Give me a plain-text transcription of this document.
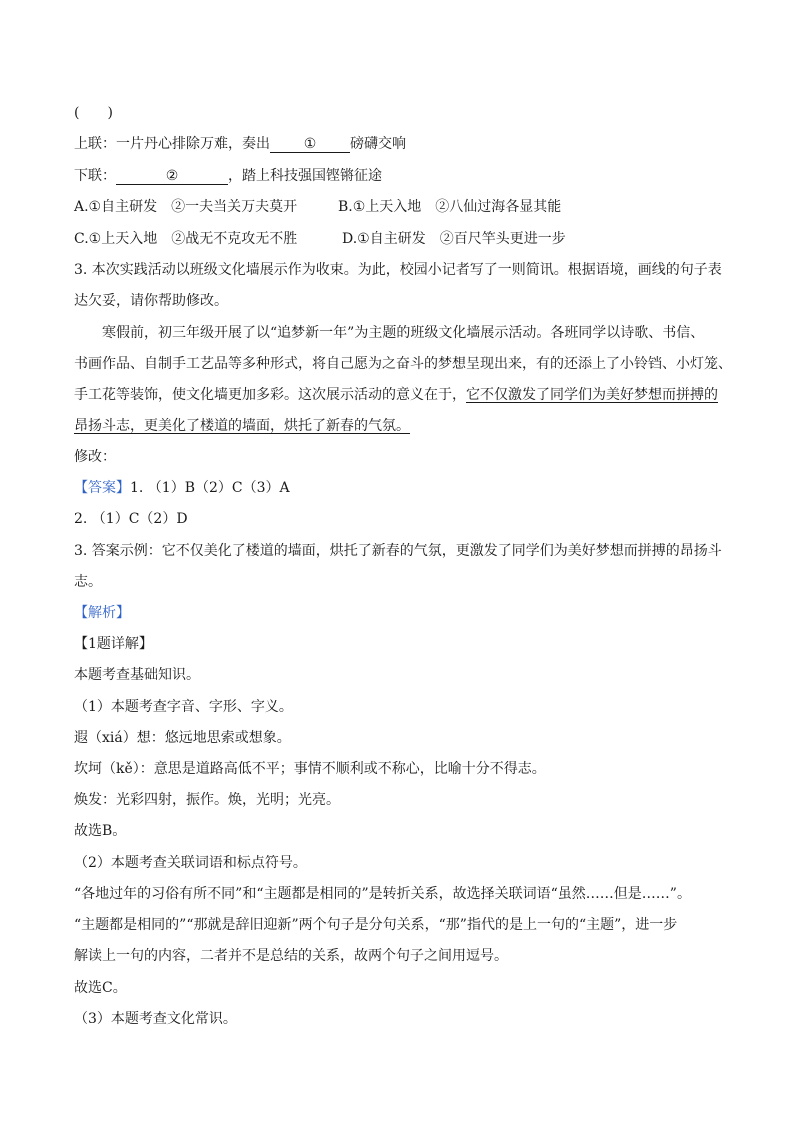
(　　)
上联：一片丹心排除万难，奏出 ① 磅礴交响
下联：	②	，踏上科技强国铿锵征途
A.①自主研发　②一夫当关万夫莫开	B.①上天入地　②八仙过海各显其能
C.①上天入地　②战无不克攻无不胜	D.①自主研发　②百尺竿头更进一步
3. 本次实践活动以班级文化墙展示作为收束。为此，校园小记者写了一则简讯。根据语境，画线的句子表
达欠妥，请你帮助修改。
寒假前，初三年级开展了以“追梦新一年”为主题的班级文化墙展示活动。各班同学以诗歌、书信、
书画作品、自制手工艺品等多种形式，将自己愿为之奋斗的梦想呈现出来，有的还添上了小铃铛、小灯笼、
手工花等装饰，使文化墙更加多彩。这次展示活动的意义在于，它不仅激发了同学们为美好梦想而拼搏的
昂扬斗志，更美化了楼道的墙面，烘托了新春的气氛。
修改：
【答案】1. （1）B（2）C（3）A
2. （1）C（2）D
3. 答案示例：它不仅美化了楼道的墙面，烘托了新春的气氛，更激发了同学们为美好梦想而拼搏的昂扬斗
志。
【解析】
【1题详解】
本题考查基础知识。
（1）本题考查字音、字形、字义。
遐（xiá）想：悠远地思索或想象。
坎坷（kě）：意思是道路高低不平；事情不顺利或不称心，比喻十分不得志。
焕发：光彩四射，振作。焕，光明；光亮。
故选B。
（2）本题考查关联词语和标点符号。
“各地过年的习俗有所不同”和“主题都是相同的”是转折关系，故选择关联词语“虽然……但是……”。
“主题都是相同的”“那就是辞旧迎新”两个句子是分句关系，“那”指代的是上一句的“主题”，进一步
解读上一句的内容，二者并不是总结的关系，故两个句子之间用逗号。
故选C。
（3）本题考查文化常识。
